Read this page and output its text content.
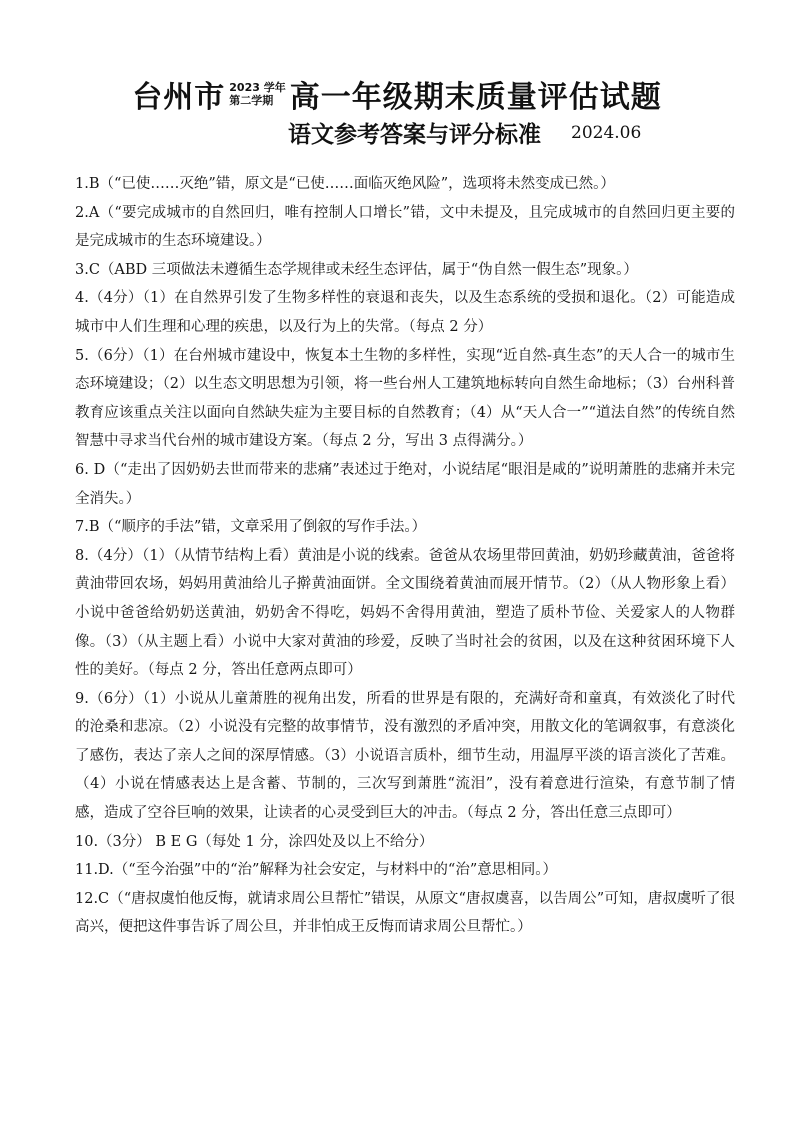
台州市 2023 学年
第二学期 高一年级期末质量评估试题
语文参考答案与评分标准 2024.06

1.B（“已使……灭绝”错，原文是“已使……面临灭绝风险”，选项将未然变成已然。）

2.A（“要完成城市的自然回归，唯有控制人口增长”错，文中未提及，且完成城市的自然回归更主要的是完成城市的生态环境建设。）

3.C（ABD 三项做法未遵循生态学规律或未经生态评估，属于“伪自然一假生态”现象。）

4.（4分）（1）在自然界引发了生物多样性的衰退和丧失，以及生态系统的受损和退化。（2）可能造成城市中人们生理和心理的疾患，以及行为上的失常。（每点 2 分）

5.（6分）（1）在台州城市建设中，恢复本土生物的多样性，实现“近自然-真生态”的天人合一的城市生态环境建设；（2）以生态文明思想为引领，将一些台州人工建筑地标转向自然生命地标；（3）台州科普教育应该重点关注以面向自然缺失症为主要目标的自然教育；（4）从“天人合一”“道法自然”的传统自然智慧中寻求当代台州的城市建设方案。（每点 2 分，写出 3 点得满分。）

6. D（“走出了因奶奶去世而带来的悲痛”表述过于绝对，小说结尾“眼泪是咸的”说明萧胜的悲痛并未完全消失。）

7.B（“顺序的手法”错，文章采用了倒叙的写作手法。）

8.（4分）（1）（从情节结构上看）黄油是小说的线索。爸爸从农场里带回黄油，奶奶珍藏黄油，爸爸将黄油带回农场，妈妈用黄油给儿子擀黄油面饼。全文围绕着黄油而展开情节。（2）（从人物形象上看）小说中爸爸给奶奶送黄油，奶奶舍不得吃，妈妈不舍得用黄油，塑造了质朴节俭、关爱家人的人物群像。（3）（从主题上看）小说中大家对黄油的珍爱，反映了当时社会的贫困，以及在这种贫困环境下人性的美好。（每点 2 分，答出任意两点即可）

9.（6分）（1）小说从儿童萧胜的视角出发，所看的世界是有限的，充满好奇和童真，有效淡化了时代的沧桑和悲凉。（2）小说没有完整的故事情节，没有激烈的矛盾冲突，用散文化的笔调叙事，有意淡化了感伤，表达了亲人之间的深厚情感。（3）小说语言质朴，细节生动，用温厚平淡的语言淡化了苦难。（4）小说在情感表达上是含蓄、节制的，三次写到萧胜“流泪”，没有着意进行渲染，有意节制了情感，造成了空谷巨响的效果，让读者的心灵受到巨大的冲击。（每点 2 分，答出任意三点即可）

10.（3分） B E G（每处 1 分，涂四处及以上不给分）

11.D.（“至今治强”中的“治”解释为社会安定，与材料中的“治”意思相同。）

12.C（“唐叔虞怕他反悔，就请求周公旦帮忙”错误，从原文“唐叔虞喜，以告周公”可知，唐叔虞听了很高兴，便把这件事告诉了周公旦，并非怕成王反悔而请求周公旦帮忙。）
